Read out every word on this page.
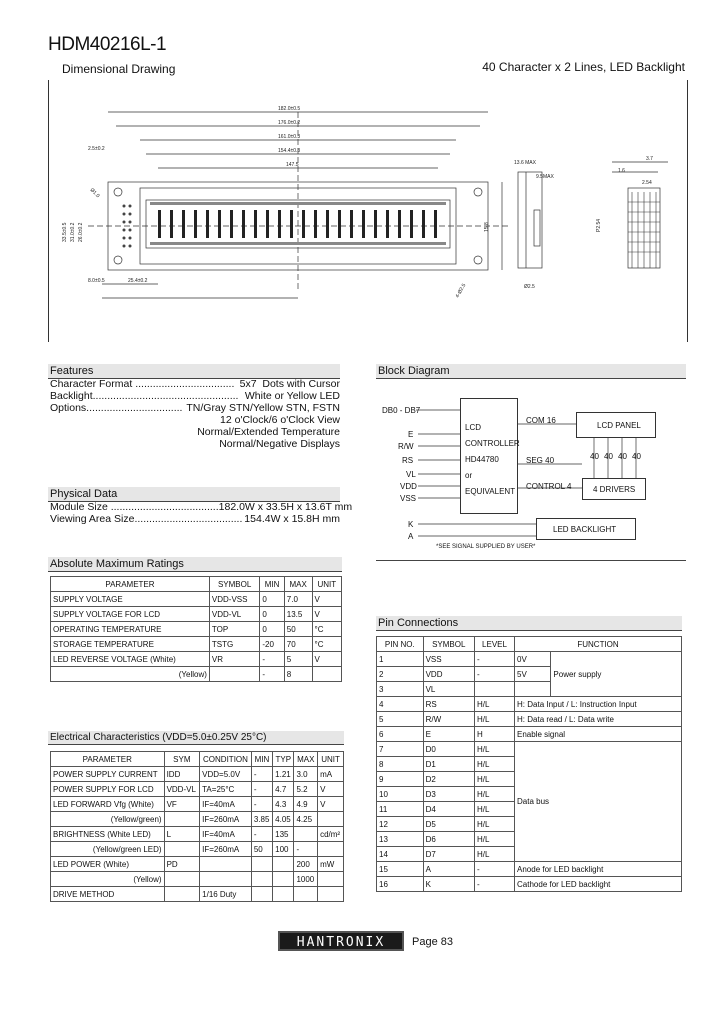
HDM40216L-1
Dimensional Drawing	40 Character x 2 Lines, LED Backlight
182.0±0.5
176.0±0.2
161.0±0.3
154.4±0.3
147.5
2.5±0.2
33.5±0.5 31.0±0.2 26.0±0.2	15.8
25.4±0.2
8.0±0.5
13.6 MAX
9.5MAX
1.6
3.7
2.54
P2.54
4-Ø2.5
Ø1.0
Ø2.5
Features
Character Format .................................. 5x7  Dots with Cursor
Backlight.................................................. White or Yellow LED
Options................................. TN/Gray STN/Yellow STN, FSTN
12 o'Clock/6 o'Clock View
Normal/Extended Temperature
Normal/Negative Displays
Physical Data
Module Size ..................................... 182.0W x 33.5H x 13.6T mm
Viewing Area Size..................................... 154.4W x 15.8H mm
Absolute Maximum Ratings
PARAMETER	SYMBOL	MIN	MAX	UNIT
SUPPLY VOLTAGE	VDD-VSS	0	7.0	V
SUPPLY VOLTAGE FOR LCD	VDD-VL	0	13.5	V
OPERATING TEMPERATURE	TOP	0	50	°C
STORAGE TEMPERATURE	TSTG	-20	70	°C
LED REVERSE VOLTAGE (White)	VR	-	5	V
(Yellow)		-	8	
Electrical Characteristics (VDD=5.0±0.25V 25°C)
PARAMETER	SYM	CONDITION	MIN	TYP	MAX	UNIT
POWER SUPPLY CURRENT	IDD	VDD=5.0V	-	1.21	3.0	mA
POWER SUPPLY FOR LCD	VDD-VL	TA=25°C	-	4.7	5.2	V
LED FORWARD Vfg (White)	VF	IF=40mA	-	4.3	4.9	V
(Yellow/green)		IF=260mA	3.85	4.05	4.25	
BRIGHTNESS (White LED)	L	IF=40mA	-	135		cd/m²
(Yellow/green LED)		IF=260mA	50	100	-	
LED POWER (White)	PD				200	mW
(Yellow)					1000	
DRIVE METHOD		1/16 Duty				
Block Diagram
DB0 - DB7
E
R/W
RS
VL
VDD
VSS
K
A
LCD
CONTROLLER
HD44780
or
EQUIVALENT
COM 16
SEG 40
CONTROL 4
LCD PANEL
4 DRIVERS
40 40 40 40
LED BACKLIGHT
*SEE SIGNAL SUPPLIED BY USER*
Pin Connections
PIN NO.	SYMBOL	LEVEL	FUNCTION	
1	VSS	-	0V	Power supply
2	VDD	-	5V	
3	VL			
4	RS	H/L	H: Data Input / L: Instruction Input	
5	R/W	H/L	H: Data read / L: Data write	
6	E	H	Enable signal	
7	D0	H/L	Data bus	
8	D1	H/L		
9	D2	H/L		
10	D3	H/L		
11	D4	H/L		
12	D5	H/L		
13	D6	H/L		
14	D7	H/L		
15	A	-	Anode for LED backlight	
16	K	-	Cathode for LED backlight	
HANTRONIX	Page 83
